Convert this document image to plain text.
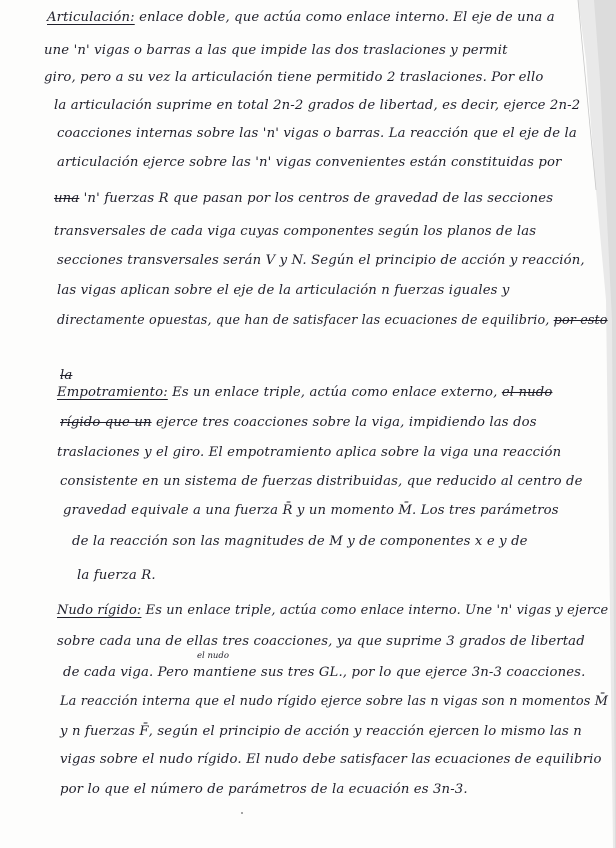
Articulación: enlace doble, que actúa como enlace interno. El eje de una a
une 'n' vigas o barras a las que impide las dos traslaciones y permit
giro, pero a su vez la articulación tiene permitido 2 traslaciones. Por ello
la articulación suprime en total 2n-2 grados de libertad, es decir, ejerce 2n-2
coacciones internas sobre las 'n' vigas o barras. La reacción que el eje de la
articulación ejerce sobre las 'n' vigas convenientes están constituidas por
una 'n' fuerzas R que pasan por los centros de gravedad de las secciones
transversales de cada viga cuyas componentes según los planos de las
secciones transversales serán V y N. Según el principio de acción y reacción,
las vigas aplican sobre el eje de la articulación n fuerzas iguales y
directamente opuestas, que han de satisfacer las ecuaciones de equilibrio, por esto
la
Empotramiento: Es un enlace triple, actúa como enlace externo, el nudo
rígido que un ejerce tres coacciones sobre la viga, impidiendo las dos
traslaciones y el giro. El empotramiento aplica sobre la viga una reacción
consistente en un sistema de fuerzas distribuidas, que reducido al centro de
gravedad equivale a una fuerza R̄ y un momento M̄. Los tres parámetros
de la reacción son las magnitudes de M y de componentes x e y de
la fuerza R.
Nudo rígido: Es un enlace triple, actúa como enlace interno. Une 'n' vigas y ejerce
sobre cada una de ellas tres coacciones, ya que suprime 3 grados de libertad
el nudo
de cada viga. Pero mantiene sus tres GL., por lo que ejerce 3n-3 coacciones.
La reacción interna que el nudo rígido ejerce sobre las n vigas son n momentos M̄
y n fuerzas F̄, según el principio de acción y reacción ejercen lo mismo las n
vigas sobre el nudo rígido. El nudo debe satisfacer las ecuaciones de equilibrio
por lo que el número de parámetros de la ecuación es 3n-3.
